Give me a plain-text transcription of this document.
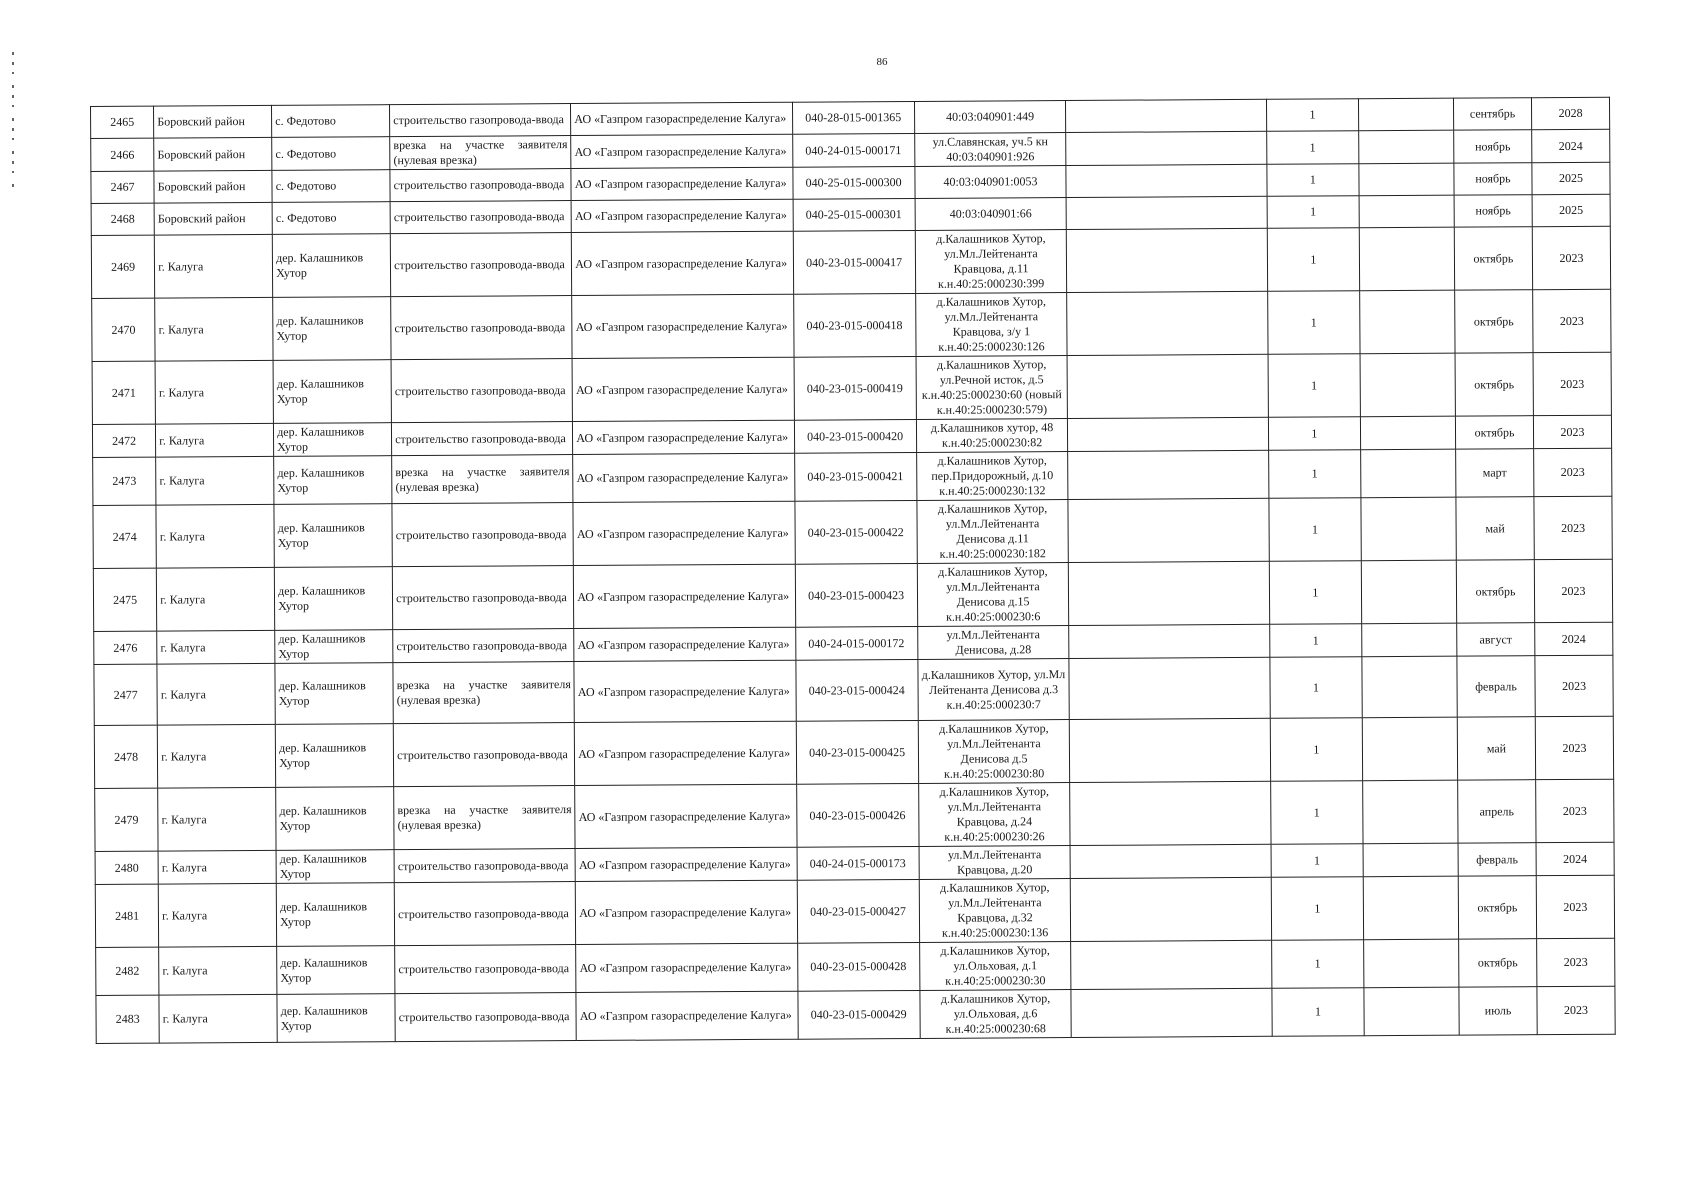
86
2465	Боровский район	с. Федотово	строительство газопровода-ввода	АО «Газпром газораспределение Калуга»	040-28-015-001365	40:03:040901:449		1		сентябрь	2028
2466	Боровский район	с. Федотово	врезка на участке заявителя (нулевая врезка)	АО «Газпром газораспределение Калуга»	040-24-015-000171	ул.Славянская, уч.5 кн 40:03:040901:926		1		ноябрь	2024
2467	Боровский район	с. Федотово	строительство газопровода-ввода	АО «Газпром газораспределение Калуга»	040-25-015-000300	40:03:040901:0053		1		ноябрь	2025
2468	Боровский район	с. Федотово	строительство газопровода-ввода	АО «Газпром газораспределение Калуга»	040-25-015-000301	40:03:040901:66		1		ноябрь	2025
2469	г. Калуга	дер. Калашников Хутор	строительство газопровода-ввода	АО «Газпром газораспределение Калуга»	040-23-015-000417	д.Калашников Хутор, ул.Мл.Лейтенанта Кравцова, д.11 к.н.40:25:000230:399		1		октябрь	2023
2470	г. Калуга	дер. Калашников Хутор	строительство газопровода-ввода	АО «Газпром газораспределение Калуга»	040-23-015-000418	д.Калашников Хутор, ул.Мл.Лейтенанта Кравцова, з/у 1 к.н.40:25:000230:126		1		октябрь	2023
2471	г. Калуга	дер. Калашников Хутор	строительство газопровода-ввода	АО «Газпром газораспределение Калуга»	040-23-015-000419	д.Калашников Хутор, ул.Речной исток, д.5 к.н.40:25:000230:60 (новый к.н.40:25:000230:579)		1		октябрь	2023
2472	г. Калуга	дер. Калашников Хутор	строительство газопровода-ввода	АО «Газпром газораспределение Калуга»	040-23-015-000420	д.Калашников хутор, 48 к.н.40:25:000230:82		1		октябрь	2023
2473	г. Калуга	дер. Калашников Хутор	врезка на участке заявителя (нулевая врезка)	АО «Газпром газораспределение Калуга»	040-23-015-000421	д.Калашников Хутор, пер.Придорожный, д.10 к.н.40:25:000230:132		1		март	2023
2474	г. Калуга	дер. Калашников Хутор	строительство газопровода-ввода	АО «Газпром газораспределение Калуга»	040-23-015-000422	д.Калашников Хутор, ул.Мл.Лейтенанта Денисова д.11 к.н.40:25:000230:182		1		май	2023
2475	г. Калуга	дер. Калашников Хутор	строительство газопровода-ввода	АО «Газпром газораспределение Калуга»	040-23-015-000423	д.Калашников Хутор, ул.Мл.Лейтенанта Денисова д.15 к.н.40:25:000230:6		1		октябрь	2023
2476	г. Калуга	дер. Калашников Хутор	строительство газопровода-ввода	АО «Газпром газораспределение Калуга»	040-24-015-000172	ул.Мл.Лейтенанта Денисова, д.28		1		август	2024
2477	г. Калуга	дер. Калашников Хутор	врезка на участке заявителя (нулевая врезка)	АО «Газпром газораспределение Калуга»	040-23-015-000424	д.Калашников Хутор, ул.Мл Лейтенанта Денисова д.3 к.н.40:25:000230:7		1		февраль	2023
2478	г. Калуга	дер. Калашников Хутор	строительство газопровода-ввода	АО «Газпром газораспределение Калуга»	040-23-015-000425	д.Калашников Хутор, ул.Мл.Лейтенанта Денисова д.5 к.н.40:25:000230:80		1		май	2023
2479	г. Калуга	дер. Калашников Хутор	врезка на участке заявителя (нулевая врезка)	АО «Газпром газораспределение Калуга»	040-23-015-000426	д.Калашников Хутор, ул.Мл.Лейтенанта Кравцова, д.24 к.н.40:25:000230:26		1		апрель	2023
2480	г. Калуга	дер. Калашников Хутор	строительство газопровода-ввода	АО «Газпром газораспределение Калуга»	040-24-015-000173	ул.Мл.Лейтенанта Кравцова, д.20		1		февраль	2024
2481	г. Калуга	дер. Калашников Хутор	строительство газопровода-ввода	АО «Газпром газораспределение Калуга»	040-23-015-000427	д.Калашников Хутор, ул.Мл.Лейтенанта Кравцова, д.32 к.н.40:25:000230:136		1		октябрь	2023
2482	г. Калуга	дер. Калашников Хутор	строительство газопровода-ввода	АО «Газпром газораспределение Калуга»	040-23-015-000428	д.Калашников Хутор, ул.Ольховая, д.1 к.н.40:25:000230:30		1		октябрь	2023
2483	г. Калуга	дер. Калашников Хутор	строительство газопровода-ввода	АО «Газпром газораспределение Калуга»	040-23-015-000429	д.Калашников Хутор, ул.Ольховая, д.6 к.н.40:25:000230:68		1		июль	2023
